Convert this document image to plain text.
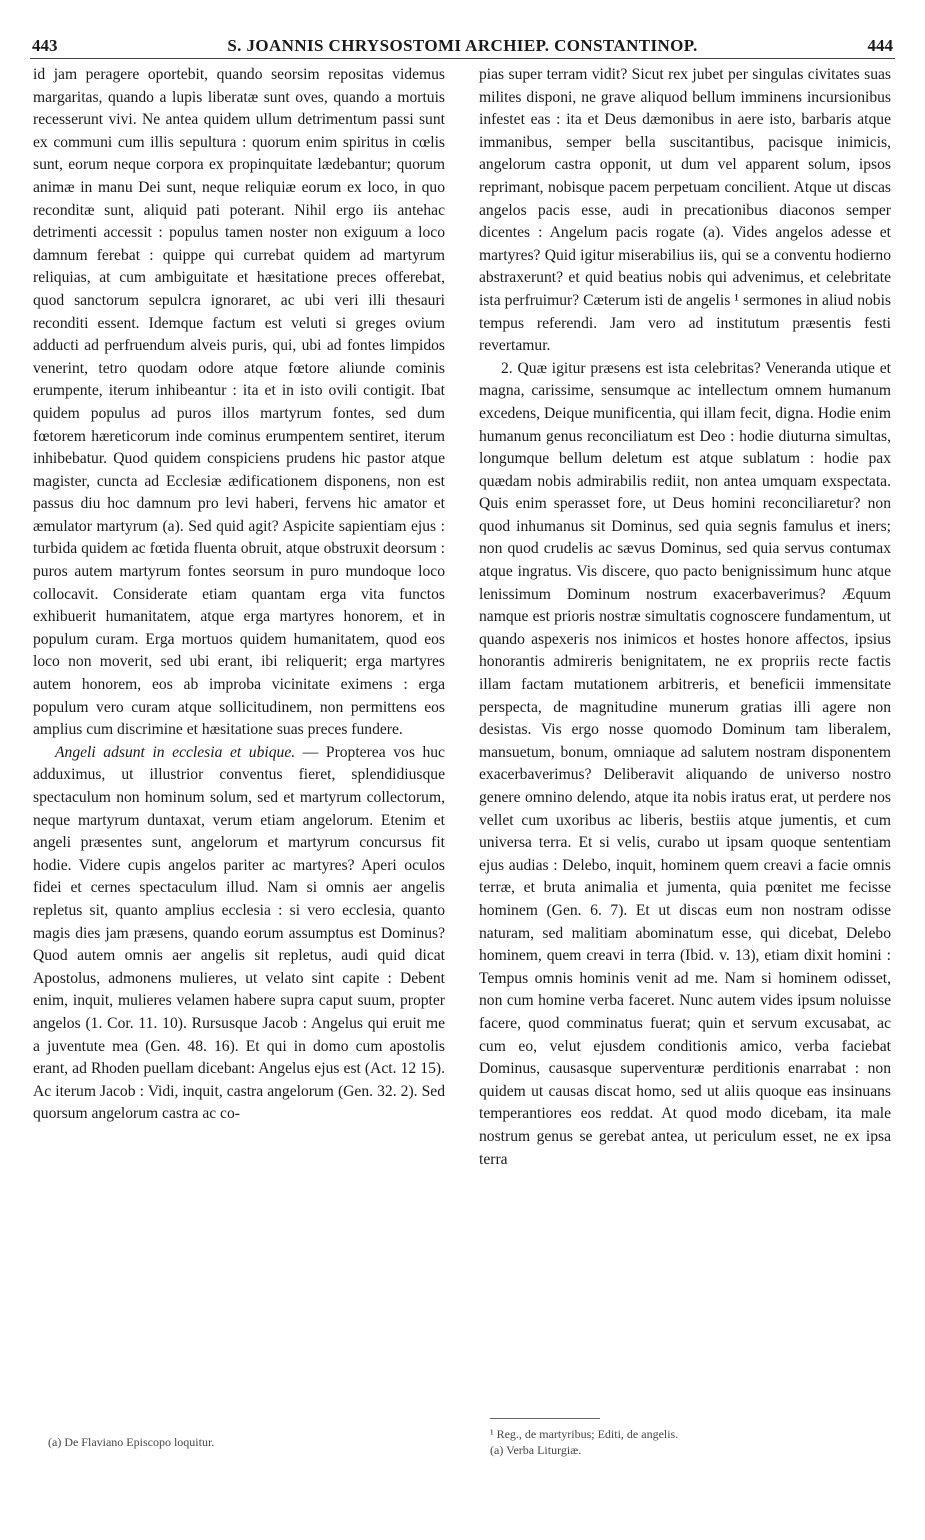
443	S. JOANNIS CHRYSOSTOMI ARCHIEP. CONSTANTINOP.	444

id jam peragere oportebit, quando seorsim repositas videmus margaritas, quando a lupis liberatæ sunt oves, quando a mortuis recesserunt vivi. Ne antea quidem ullum detrimentum passi sunt ex communi cum illis sepultura : quorum enim spiritus in cœlis sunt, eorum neque corpora ex propinquitate lædebantur; quorum animæ in manu Dei sunt, neque reliquiæ eorum ex loco, in quo reconditæ sunt, aliquid pati poterant. Nihil ergo iis antehac detrimenti accessit : populus tamen noster non exiguum a loco damnum ferebat : quippe qui currebat quidem ad martyrum reliquias, at cum ambiguitate et hæsitatione preces offerebat, quod sanctorum sepulcra ignoraret, ac ubi veri illi thesauri reconditi essent. Idemque factum est veluti si greges ovium adducti ad perfruendum alveis puris, qui, ubi ad fontes limpidos venerint, tetro quodam odore atque fœtore aliunde cominis erumpente, iterum inhibeantur : ita et in isto ovili contigit. Ibat quidem populus ad puros illos martyrum fontes, sed dum fœtorem hæreticorum inde cominus erumpentem sentiret, iterum inhibebatur. Quod quidem conspiciens prudens hic pastor atque magister, cuncta ad Ecclesiæ ædificationem disponens, non est passus diu hoc damnum pro levi haberi, fervens hic amator et æmulator martyrum (a). Sed quid agit? Aspicite sapientiam ejus : turbida quidem ac fœtida fluenta obruit, atque obstruxit deorsum : puros autem martyrum fontes seorsum in puro mundoque loco collocavit. Considerate etiam quantam erga vita functos exhibuerit humanitatem, atque erga martyres honorem, et in populum curam. Erga mortuos quidem humanitatem, quod eos loco non moverit, sed ubi erant, ibi reliquerit; erga martyres autem honorem, eos ab improba vicinitate eximens : erga populum vero curam atque sollicitudinem, non permittens eos amplius cum discrimine et hæsitatione suas preces fundere.

Angeli adsunt in ecclesia et ubique. — Propterea vos huc adduximus, ut illustrior conventus fieret, splendidiusque spectaculum non hominum solum, sed et martyrum collectorum, neque martyrum duntaxat, verum etiam angelorum. Etenim et angeli præsentes sunt, angelorum et martyrum concursus fit hodie. Videre cupis angelos pariter ac martyres? Aperi oculos fidei et cernes spectaculum illud. Nam si omnis aer angelis repletus sit, quanto amplius ecclesia : si vero ecclesia, quanto magis dies jam præsens, quando eorum assumptus est Dominus? Quod autem omnis aer angelis sit repletus, audi quid dicat Apostolus, admonens mulieres, ut velato sint capite : Debent enim, inquit, mulieres velamen habere supra caput suum, propter angelos (1. Cor. 11. 10). Rursusque Jacob : Angelus qui eruit me a juventute mea (Gen. 48. 16). Et qui in domo cum apostolis erant, ad Rhoden puellam dicebant: Angelus ejus est (Act. 12 15). Ac iterum Jacob : Vidi, inquit, castra angelorum (Gen. 32. 2). Sed quorsum angelorum castra ac co-

pias super terram vidit? Sicut rex jubet per singulas civitates suas milites disponi, ne grave aliquod bellum imminens incursionibus infestet eas : ita et Deus dæmonibus in aere isto, barbaris atque immanibus, semper bella suscitantibus, pacisque inimicis, angelorum castra opponit, ut dum vel apparent solum, ipsos reprimant, nobisque pacem perpetuam concilient. Atque ut discas angelos pacis esse, audi in precationibus diaconos semper dicentes : Angelum pacis rogate (a). Vides angelos adesse et martyres? Quid igitur miserabilius iis, qui se a conventu hodierno abstraxerunt? et quid beatius nobis qui advenimus, et celebritate ista perfruimur? Cæterum isti de angelis ¹ sermones in aliud nobis tempus referendi. Jam vero ad institutum præsentis festi revertamur.

2. Quæ igitur præsens est ista celebritas? Veneranda utique et magna, carissime, sensumque ac intellectum omnem humanum excedens, Deique munificentia, qui illam fecit, digna. Hodie enim humanum genus reconciliatum est Deo : hodie diuturna simultas, longumque bellum deletum est atque sublatum : hodie pax quædam nobis admirabilis rediit, non antea umquam exspectata. Quis enim sperasset fore, ut Deus homini reconciliaretur? non quod inhumanus sit Dominus, sed quia segnis famulus et iners; non quod crudelis ac sævus Dominus, sed quia servus contumax atque ingratus. Vis discere, quo pacto benignissimum hunc atque lenissimum Dominum nostrum exacerbaverimus? Æquum namque est prioris nostræ simultatis cognoscere fundamentum, ut quando aspexeris nos inimicos et hostes honore affectos, ipsius honorantis admireris benignitatem, ne ex propriis recte factis illam factam mutationem arbitreris, et beneficii immensitate perspecta, de magnitudine munerum gratias illi agere non desistas. Vis ergo nosse quomodo Dominum tam liberalem, mansuetum, bonum, omniaque ad salutem nostram disponentem exacerbaverimus? Deliberavit aliquando de universo nostro genere omnino delendo, atque ita nobis iratus erat, ut perdere nos vellet cum uxoribus ac liberis, bestiis atque jumentis, et cum universa terra. Et si velis, curabo ut ipsam quoque sententiam ejus audias : Delebo, inquit, hominem quem creavi a facie omnis terræ, et bruta animalia et jumenta, quia pœnitet me fecisse hominem (Gen. 6. 7). Et ut discas eum non nostram odisse naturam, sed malitiam abominatum esse, qui dicebat, Delebo hominem, quem creavi in terra (Ibid. v. 13), etiam dixit homini : Tempus omnis hominis venit ad me. Nam si hominem odisset, non cum homine verba faceret. Nunc autem vides ipsum noluisse facere, quod comminatus fuerat; quin et servum excusabat, ac cum eo, velut ejusdem conditionis amico, verba faciebat Dominus, causasque superventuræ perditionis enarrabat : non quidem ut causas discat homo, sed ut aliis quoque eas insinuans temperantiores eos reddat. At quod modo dicebam, ita male nostrum genus se gerebat antea, ut periculum esset, ne ex ipsa terra

(a) De Flaviano Episcopo loquitur.
¹ Reg., de martyribus; Editi, de angelis.
(a) Verba Liturgiæ.
